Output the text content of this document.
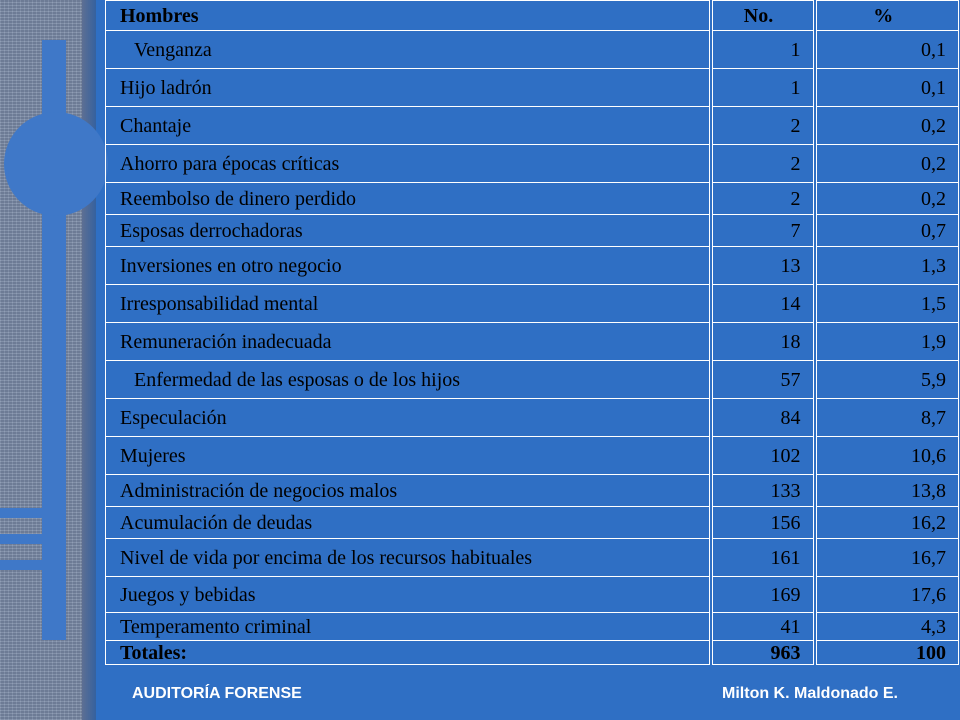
Hombres	No.	%
Venganza	1	0,1
Hijo ladrón	1	0,1
Chantaje	2	0,2
Ahorro para épocas críticas	2	0,2
Reembolso de dinero perdido	2	0,2
Esposas derrochadoras	7	0,7
Inversiones en otro negocio	13	1,3
Irresponsabilidad mental	14	1,5
Remuneración inadecuada	18	1,9
Enfermedad de las esposas o de los hijos	57	5,9
Especulación	84	8,7
Mujeres	102	10,6
Administración de negocios malos	133	13,8
Acumulación de deudas	156	16,2
Nivel de vida por encima de los recursos habituales	161	16,7
Juegos y bebidas	169	17,6
Temperamento criminal	41	4,3
Totales:	963	100
AUDITORÍA FORENSE	Milton K. Maldonado E.
